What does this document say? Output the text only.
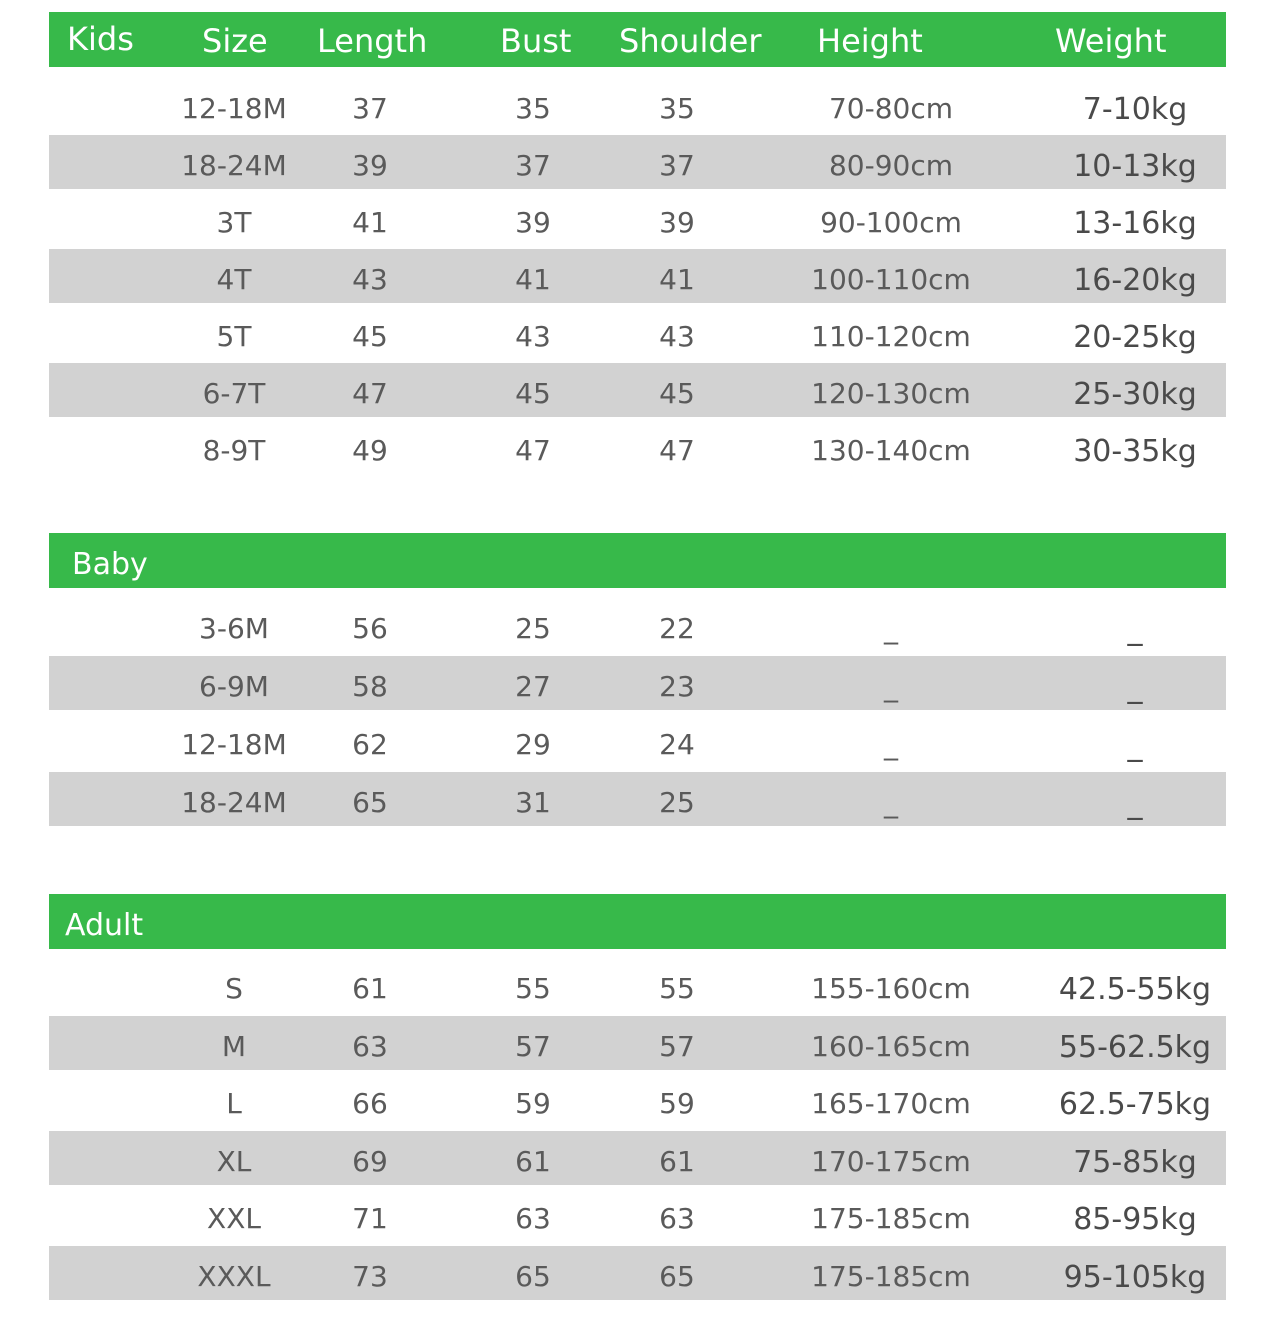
Kids Size Length Bust Shoulder Height	Weight
12-18M 37	35	35	70-80cm	7-10kg
18-24M 39	37	37	80-90cm	10-13kg
3T	41	39	39	90-100cm	13-16kg
4T	43	41	41	100-110cm	16-20kg
5T	45	43	43	110-120cm	20-25kg
6-7T	47	45	45	120-130cm	25-30kg
8-9T	49	47	47	130-140cm	30-35kg
Baby
3-6M	56	25	22	_	_
6-9M	58	27	23	_	_
12-18M 62	29	24	_	_
18-24M 65	31	25	_	_
Adult
S	61	55	55	155-160cm	42.5-55kg
M	63	57	57	160-165cm	55-62.5kg
L	66	59	59	165-170cm	62.5-75kg
XL	69	61	61	170-175cm	75-85kg
XXL	71	63	63	175-185cm	85-95kg
XXXL	73	65	65	175-185cm	95-105kg
